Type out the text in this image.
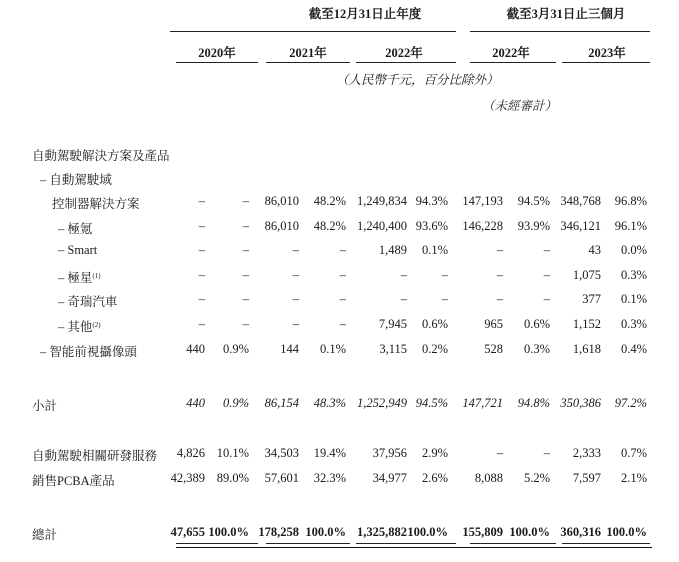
截至12月31日止年度	截至3月31日止三個月
2020年	2021年	2022年	2022年	2023年
（人民幣千元，百分比除外）
（未經審計）
自動駕駛解決方案及產品
– 自動駕駛域
控制器解決方案	–	–	86,010	48.2% 1,249,834 94.3%	147,193	94.5% 348,768	96.8%
– 極氪	–	–	86,010	48.2% 1,240,400 93.6%	146,228	93.9% 346,121	96.1%
– Smart	–	–	–	–	1,489	0.1%	–	–	43	0.0%
– 極星$^{(1)}$	–	–	–	–	–	–	–	–	1,075	0.3%
– 奇瑞汽車	–	–	–	–	–	–	–	–	377	0.1%
– 其他$^{(2)}$	–	–	–	–	7,945	0.6%	965	0.6%	1,152	0.3%
– 智能前視攝像頭	440	0.9%	144	0.1%	3,115	0.2%	528	0.3%	1,618	0.4%
小計	440	0.9%	86,154	48.3% 1,252,949 94.5%	147,721	94.8% 350,386	97.2%
自動駕駛相關研發服務	4,826 10.1%	34,503	19.4%	37,956	2.9%	–	–	2,333	0.7%
銷售PCBA產品	42,389 89.0%	57,601	32.3%	34,977	2.6%	8,088	5.2%	7,597	2.1%
總計	47,655 100.0% 178,258 100.0% 1,325,882 100.0%	155,809 100.0% 360,316 100.0%
